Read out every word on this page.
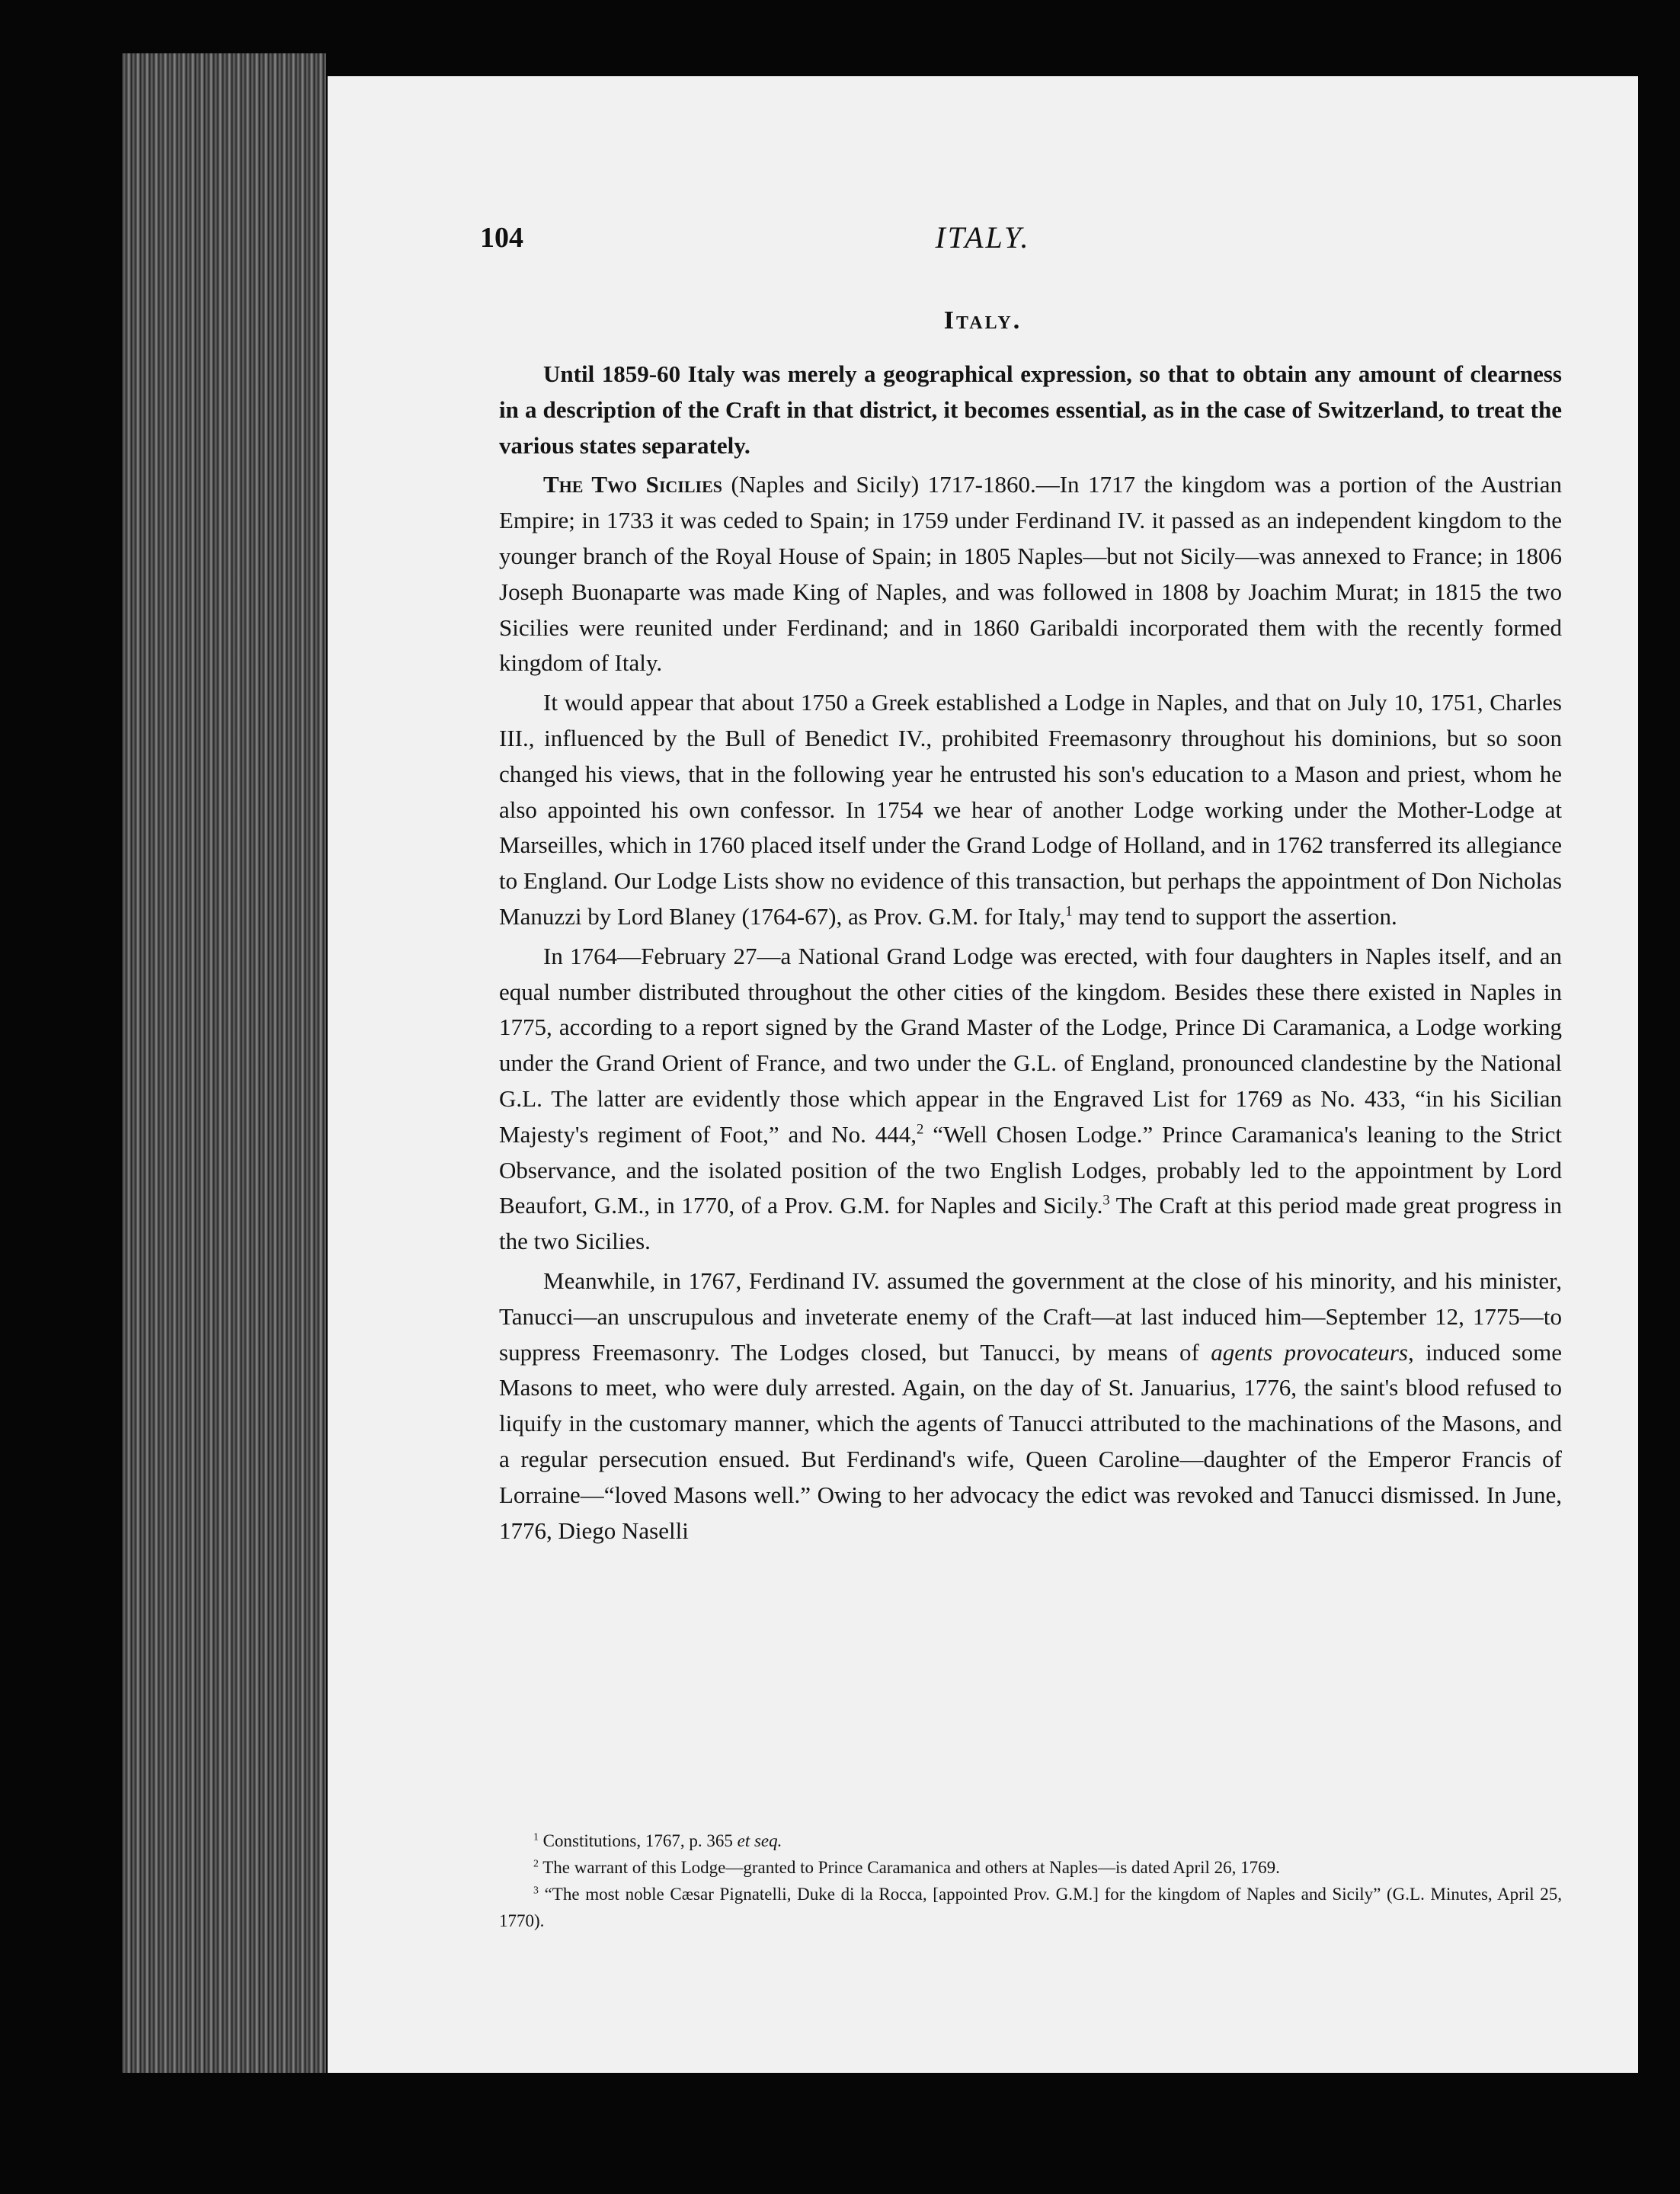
104	ITALY.
Italy.

Until 1859-60 Italy was merely a geographical expression, so that to obtain any amount of clearness in a description of the Craft in that district, it becomes essential, as in the case of Switzerland, to treat the various states separately.

The Two Sicilies (Naples and Sicily) 1717-1860.—In 1717 the kingdom was a portion of the Austrian Empire; in 1733 it was ceded to Spain; in 1759 under Ferdinand IV. it passed as an independent kingdom to the younger branch of the Royal House of Spain; in 1805 Naples—but not Sicily—was annexed to France; in 1806 Joseph Buonaparte was made King of Naples, and was followed in 1808 by Joachim Murat; in 1815 the two Sicilies were reunited under Ferdinand; and in 1860 Garibaldi incorporated them with the recently formed kingdom of Italy.

It would appear that about 1750 a Greek established a Lodge in Naples, and that on July 10, 1751, Charles III., influenced by the Bull of Benedict IV., prohibited Freemasonry throughout his dominions, but so soon changed his views, that in the following year he entrusted his son's education to a Mason and priest, whom he also appointed his own confessor. In 1754 we hear of another Lodge working under the Mother-Lodge at Marseilles, which in 1760 placed itself under the Grand Lodge of Holland, and in 1762 transferred its allegiance to England. Our Lodge Lists show no evidence of this transaction, but perhaps the appointment of Don Nicholas Manuzzi by Lord Blaney (1764-67), as Prov. G.M. for Italy,$^1$ may tend to support the assertion.

In 1764—February 27—a National Grand Lodge was erected, with four daughters in Naples itself, and an equal number distributed throughout the other cities of the kingdom. Besides these there existed in Naples in 1775, according to a report signed by the Grand Master of the Lodge, Prince Di Caramanica, a Lodge working under the Grand Orient of France, and two under the G.L. of England, pronounced clandestine by the National G.L. The latter are evidently those which appear in the Engraved List for 1769 as No. 433, “in his Sicilian Majesty's regiment of Foot,” and No. 444,$^2$ “Well Chosen Lodge.” Prince Caramanica's leaning to the Strict Observance, and the isolated position of the two English Lodges, probably led to the appointment by Lord Beaufort, G.M., in 1770, of a Prov. G.M. for Naples and Sicily.$^3$ The Craft at this period made great progress in the two Sicilies.

Meanwhile, in 1767, Ferdinand IV. assumed the government at the close of his minority, and his minister, Tanucci—an unscrupulous and inveterate enemy of the Craft—at last induced him—September 12, 1775—to suppress Freemasonry. The Lodges closed, but Tanucci, by means of agents provocateurs, induced some Masons to meet, who were duly arrested. Again, on the day of St. Januarius, 1776, the saint's blood refused to liquify in the customary manner, which the agents of Tanucci attributed to the machinations of the Masons, and a regular persecution ensued. But Ferdinand's wife, Queen Caroline—daughter of the Emperor Francis of Lorraine—“loved Masons well.” Owing to her advocacy the edict was revoked and Tanucci dismissed. In June, 1776, Diego Naselli

$^1$ Constitutions, 1767, p. 365 et seq.

$^2$ The warrant of this Lodge—granted to Prince Caramanica and others at Naples—is dated April 26, 1769.

$^3$ “The most noble Cæsar Pignatelli, Duke di la Rocca, [appointed Prov. G.M.] for the kingdom of Naples and Sicily” (G.L. Minutes, April 25, 1770).
